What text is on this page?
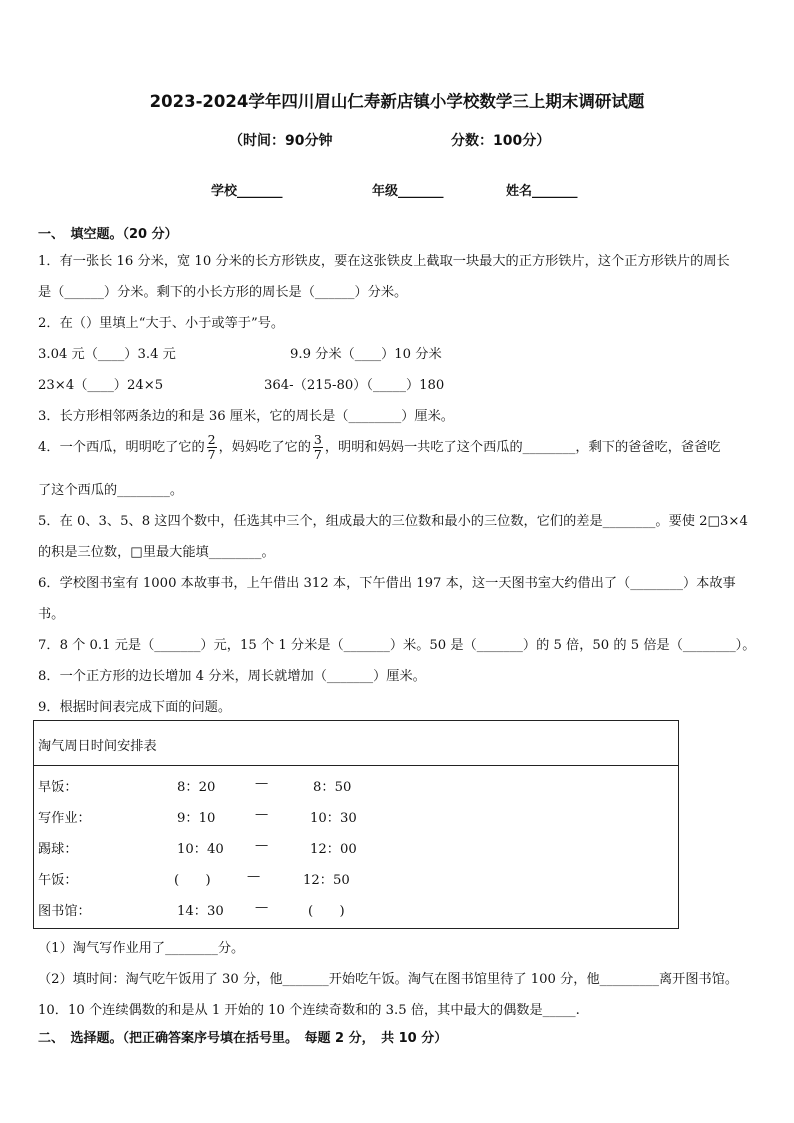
2023-2024学年四川眉山仁寿新店镇小学校数学三上期末调研试题
（时间：90分钟	分数：100分）
学校_______	年级_______	姓名_______
一、　填空题。（20 分）
1．有一张长 16 分米，宽 10 分米的长方形铁皮，要在这张铁皮上截取一块最大的正方形铁片，这个正方形铁片的周长
是（______）分米。剩下的小长方形的周长是（______）分米。
2．在（）里填上“大于、小于或等于”号。
3.04 元（____）3.4 元	9.9 分米（____）10 分米
23×4（____）24×5	364-（215-80）（_____）180
3．长方形相邻两条边的和是 36 厘米，它的周长是（________）厘米。
4．一个西瓜，明明吃了它的 $\frac{2}{7}$ ，妈妈吃了它的 $\frac{3}{7}$ ，明明和妈妈一共吃了这个西瓜的________，剩下的爸爸吃，爸爸吃
了这个西瓜的________。
5．在 0、3、5、8 这四个数中，任选其中三个，组成最大的三位数和最小的三位数，它们的差是________。要使 2□3×4
的积是三位数，□里最大能填________。
6．学校图书室有 1000 本故事书，上午借出 312 本，下午借出 197 本，这一天图书室大约借出了（________）本故事
书。
7．8 个 0.1 元是（_______）元，15 个 1 分米是（_______）米。50 是（_______）的 5 倍，50 的 5 倍是（________）。
8．一个正方形的边长增加 4 分米，周长就增加（_______）厘米。
9．根据时间表完成下面的问题。
淘气周日时间安排表
早饭：	8：20	—	8：50
写作业：	9：10	—	10：30
踢球：	10：40 —	12：00
午饭：	(　　)	—	12：50
图书馆：	14：30 —	(　　)
（1）淘气写作业用了________分。
（2）填时间：淘气吃午饭用了 30 分，他_______开始吃午饭。淘气在图书馆里待了 100 分，他_________离开图书馆。
10．10 个连续偶数的和是从 1 开始的 10 个连续奇数和的 3.5 倍，其中最大的偶数是_____.
二、　选择题。（把正确答案序号填在括号里。　每题 2 分，　共 10 分）
